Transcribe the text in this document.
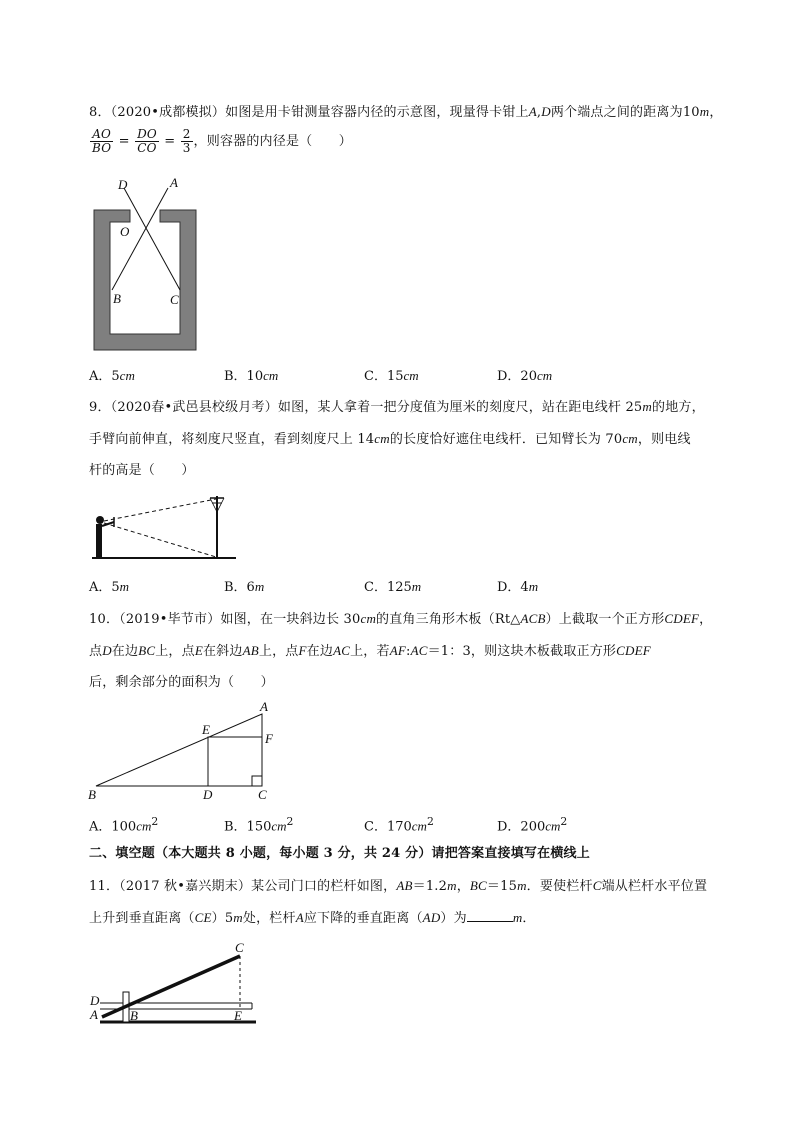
8．（2020•成都模拟）如图是用卡钳测量容器内径的示意图，现量得卡钳上A,D两个端点之间的距离为10m，
$\frac{AO}{BO} = \frac{DO}{CO} = \frac{2}{3}$ ，则容器的内径是（　　）
D	A
O
B	C
A．5cm	B．10cm	C．15cm	D．20cm
9．（2020春•武邑县校级月考）如图，某人拿着一把分度值为厘米的刻度尺，站在距电线杆 25m的地方，
手臂向前伸直，将刻度尺竖直，看到刻度尺上 14cm的长度恰好遮住电线杆．已知臂长为 70cm，则电线
杆的高是（　　）
A．5m	B．6m	C．125m	D．4m
10．（2019•毕节市）如图，在一块斜边长 30cm的直角三角形木板（Rt△ACB）上截取一个正方形CDEF，
点D在边BC上，点E在斜边AB上，点F在边AC上，若AF:AC＝1：3，则这块木板截取正方形CDEF
后，剩余部分的面积为（　　）
A
E
F
B	D	C
A．$100cm^2$	B．$150cm^2$	C．$170cm^2$	D．$200cm^2$
二、填空题（本大题共 8 小题，每小题 3 分，共 24 分）请把答案直接填写在横线上
11．（2017 秋•嘉兴期末）某公司门口的栏杆如图，AB＝1.2m，BC＝15m．要使栏杆C端从栏杆水平位置
上升到垂直距离（CE）5m处，栏杆A应下降的垂直距离（AD）为	m．
C
D
A B	E
